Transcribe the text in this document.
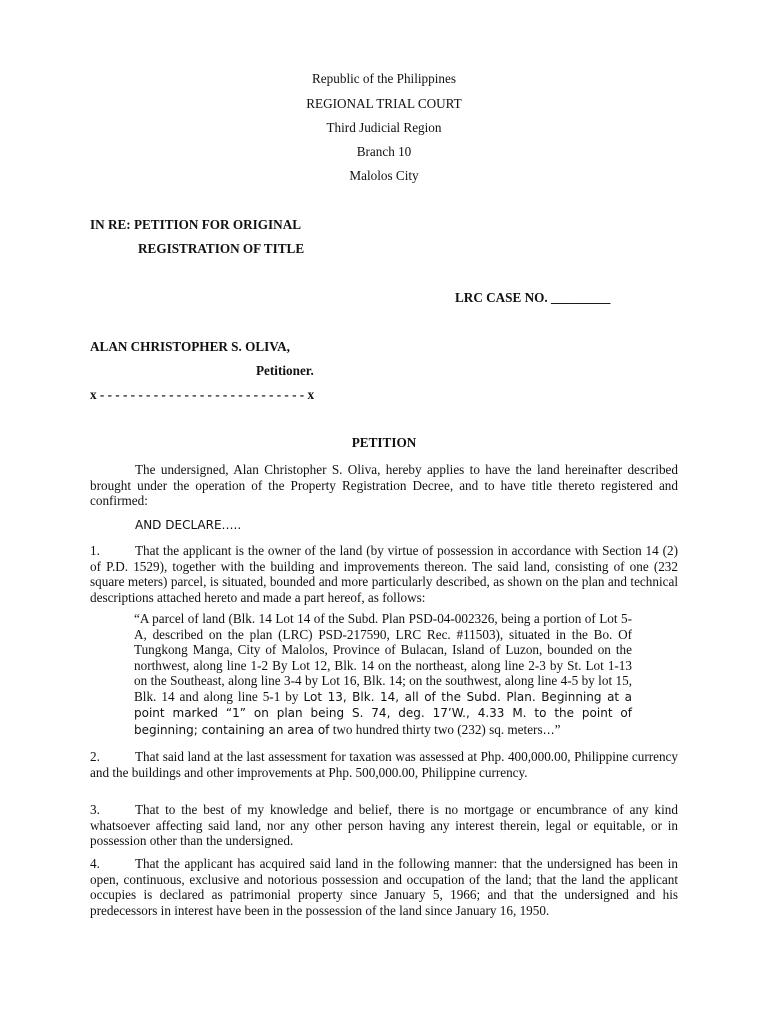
Republic of the Philippines
REGIONAL TRIAL COURT
Third Judicial Region
Branch 10
Malolos City
IN RE: PETITION FOR ORIGINAL
REGISTRATION OF TITLE
LRC CASE NO. _________
ALAN CHRISTOPHER S. OLIVA,
Petitioner.
x - - - - - - - - - - - - - - - - - - - - - - - - - - - x
PETITION
The undersigned, Alan Christopher S. Oliva, hereby applies to have the land hereinafter described brought under the operation of the Property Registration Decree, and to have title thereto registered and confirmed:
AND DECLARE…..
1.	That the applicant is the owner of the land (by virtue of possession in accordance with Section 14 (2) of P.D. 1529), together with the building and improvements thereon. The said land, consisting of one (232 square meters) parcel, is situated, bounded and more particularly described, as shown on the plan and technical descriptions attached hereto and made a part hereof, as follows:
“A parcel of land (Blk. 14 Lot 14 of the Subd. Plan PSD-04-002326, being a portion of Lot 5-A, described on the plan (LRC) PSD-217590, LRC Rec. #11503), situated in the Bo. Of Tungkong Manga, City of Malolos, Province of Bulacan, Island of Luzon, bounded on the northwest, along line 1-2 By Lot 12, Blk. 14 on the northeast, along line 2-3 by St. Lot 1-13 on the Southeast, along line 3-4 by Lot 16, Blk. 14; on the southwest, along line 4-5 by lot 15, Blk. 14 and along line 5-1 by Lot 13, Blk. 14, all of the Subd. Plan. Beginning at a point marked “1” on plan being S. 74, deg. 17’W., 4.33 M. to the point of beginning; containing an area of two hundred thirty two (232) sq. meters…”
2.	That said land at the last assessment for taxation was assessed at Php. 400,000.00, Philippine currency and the buildings and other improvements at Php. 500,000.00, Philippine currency.
3.	That to the best of my knowledge and belief, there is no mortgage or encumbrance of any kind whatsoever affecting said land, nor any other person having any interest therein, legal or equitable, or in possession other than the undersigned.
4.	That the applicant has acquired said land in the following manner: that the undersigned has been in open, continuous, exclusive and notorious possession and occupation of the land; that the land the applicant occupies is declared as patrimonial property since January 5, 1966; and that the undersigned and his predecessors in interest have been in the possession of the land since January 16, 1950.
